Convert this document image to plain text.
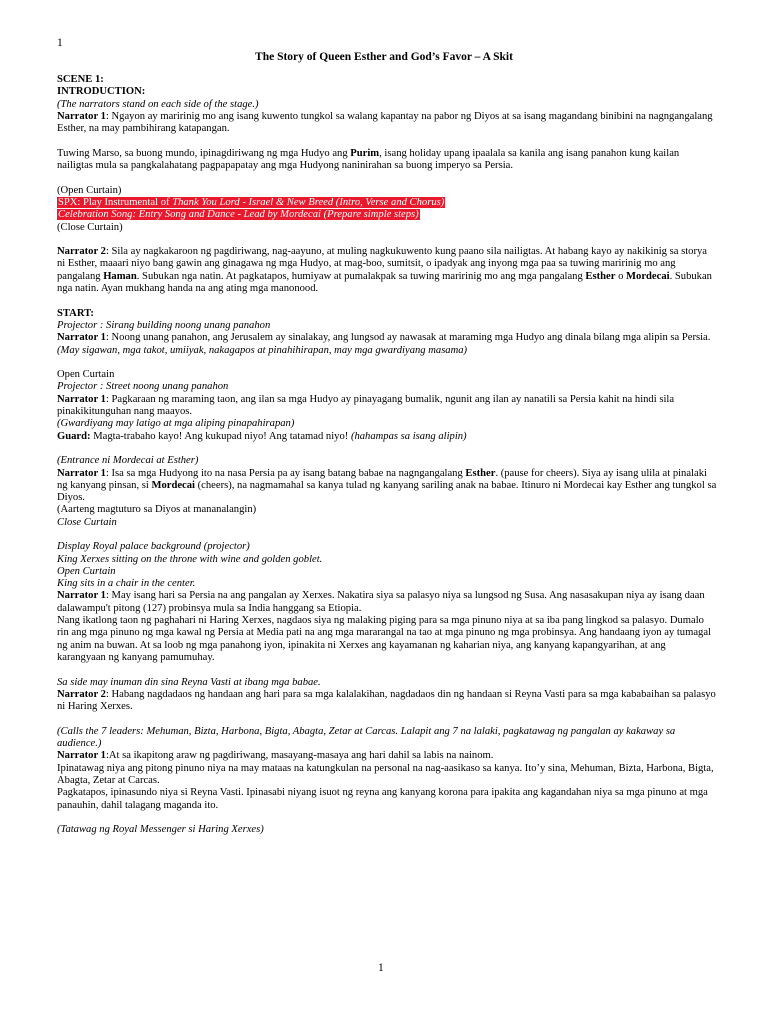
1
The Story of Queen Esther and God’s Favor – A Skit

SCENE 1:

INTRODUCTION:

(The narrators stand on each side of the stage.)

Narrator 1: Ngayon ay maririnig mo ang isang kuwento tungkol sa walang kapantay na pabor ng Diyos at sa isang magandang binibini na nagngangalang Esther, na may pambihirang katapangan.

Tuwing Marso, sa buong mundo, ipinagdiriwang ng mga Hudyo ang Purim, isang holiday upang ipaalala sa kanila ang isang panahon kung kailan nailigtas mula sa pangkalahatang pagpapapatay ang mga Hudyong naninirahan sa buong imperyo sa Persia.

(Open Curtain)

SPX: Play Instrumental of Thank You Lord - Israel & New Breed (Intro, Verse and Chorus)

Celebration Song: Entry Song and Dance - Lead by Mordecai (Prepare simple steps)

(Close Curtain)

Narrator 2: Sila ay nagkakaroon ng pagdiriwang, nag-aayuno, at muling nagkukuwento kung paano sila nailigtas. At habang kayo ay nakikinig sa storya ni Esther, maaari niyo bang gawin ang ginagawa ng mga Hudyo, at mag-boo, sumitsit, o ipadyak ang inyong mga paa sa tuwing maririnig mo ang pangalang Haman. Subukan nga natin. At pagkatapos, humiyaw at pumalakpak sa tuwing maririnig mo ang mga pangalang Esther o Mordecai. Subukan nga natin. Ayan mukhang handa na ang ating mga manonood.

START:

Projector : Sirang building noong unang panahon

Narrator 1: Noong unang panahon, ang Jerusalem ay sinalakay, ang lungsod ay nawasak at maraming mga Hudyo ang dinala bilang mga alipin sa Persia.

(May sigawan, mga takot, umiiyak, nakagapos at pinahihirapan, may mga gwardiyang masama)

Open Curtain

Projector : Street noong unang panahon

Narrator 1: Pagkaraan ng maraming taon, ang ilan sa mga Hudyo ay pinayagang bumalik, ngunit ang ilan ay nanatili sa Persia kahit na hindi sila pinakikitunguhan nang maayos.

(Gwardiyang may latigo at mga aliping pinapahirapan)

Guard: Magta-trabaho kayo! Ang kukupad niyo! Ang tatamad niyo! (hahampas sa isang alipin)

(Entrance ni Mordecai at Esther)

Narrator 1: Isa sa mga Hudyong ito na nasa Persia pa ay isang batang babae na nagngangalang Esther. (pause for cheers). Siya ay isang ulila at pinalaki ng kanyang pinsan, si Mordecai (cheers), na nagmamahal sa kanya tulad ng kanyang sariling anak na babae. Itinuro ni Mordecai kay Esther ang tungkol sa Diyos.

(Aarteng magtuturo sa Diyos at mananalangin)

Close Curtain

Display Royal palace background (projector)

King Xerxes sitting on the throne with wine and golden goblet.

Open Curtain

King sits in a chair in the center.

Narrator 1: May isang hari sa Persia na ang pangalan ay Xerxes. Nakatira siya sa palasyo niya sa lungsod ng Susa. Ang nasasakupan niya ay isang daan dalawampu't pitong (127) probinsya mula sa India hanggang sa Etiopia.

Nang ikatlong taon ng paghahari ni Haring Xerxes, nagdaos siya ng malaking piging para sa mga pinuno niya at sa iba pang lingkod sa palasyo. Dumalo rin ang mga pinuno ng mga kawal ng Persia at Media pati na ang mga mararangal na tao at mga pinuno ng mga probinsya. Ang handaang iyon ay tumagal ng anim na buwan. At sa loob ng mga panahong iyon, ipinakita ni Xerxes ang kayamanan ng kaharian niya, ang kanyang kapangyarihan, at ang karangyaan ng kanyang pamumuhay.

Sa side may inuman din sina Reyna Vasti at ibang mga babae.

Narrator 2: Habang nagdadaos ng handaan ang hari para sa mga kalalakihan, nagdadaos din ng handaan si Reyna Vasti para sa mga kababaihan sa palasyo ni Haring Xerxes.

(Calls the 7 leaders: Mehuman, Bizta, Harbona, Bigta, Abagta, Zetar at Carcas. Lalapit ang 7 na lalaki, pagkatawag ng pangalan ay kakaway sa audience.)

Narrator 1:At sa ikapitong araw ng pagdiriwang, masayang-masaya ang hari dahil sa labis na nainom.

Ipinatawag niya ang pitong pinuno niya na may mataas na katungkulan na personal na nag-aasikaso sa kanya. Ito’y sina, Mehuman, Bizta, Harbona, Bigta, Abagta, Zetar at Carcas.

Pagkatapos, ipinasundo niya si Reyna Vasti. Ipinasabi niyang isuot ng reyna ang kanyang korona para ipakita ang kagandahan niya sa mga pinuno at mga panauhin, dahil talagang maganda ito.

(Tatawag ng Royal Messenger si Haring Xerxes)

1
